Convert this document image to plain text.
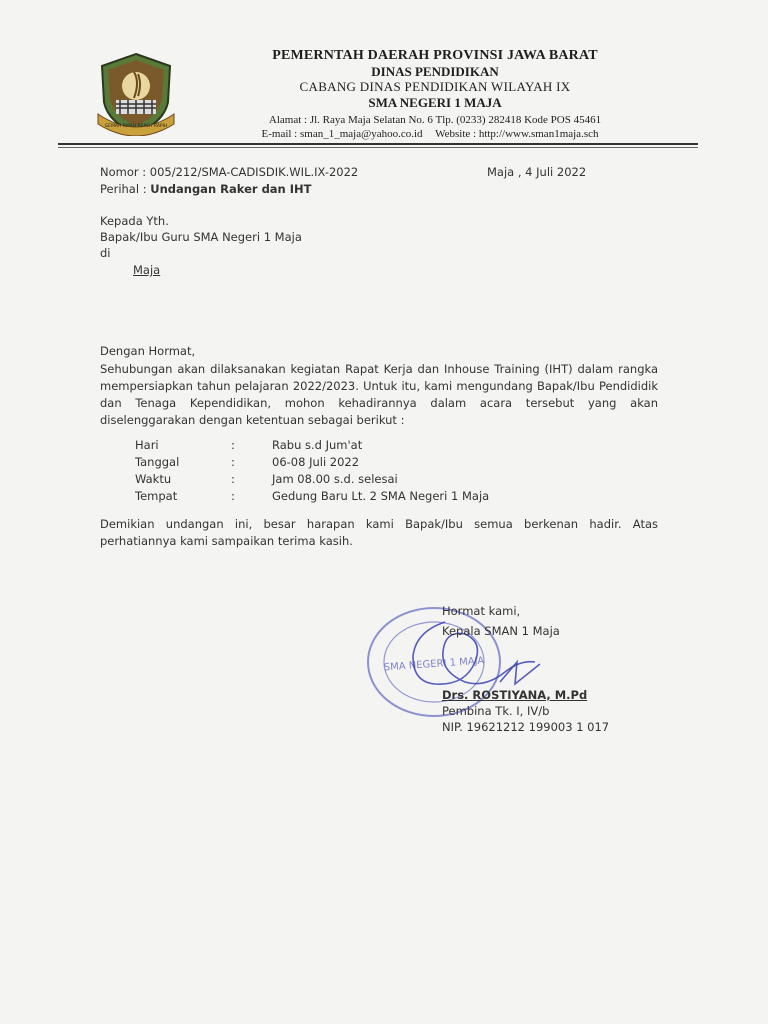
GEMAH RIPAH REPEH RAPIH
PEMERNTAH DAERAH PROVINSI JAWA BARAT
DINAS PENDIDIKAN
CABANG DINAS PENDIDIKAN WILAYAH IX
SMA NEGERI 1 MAJA
Alamat : Jl. Raya Maja Selatan No. 6 Tlp. (0233) 282418 Kode POS 45461
E-mail : sman_1_maja@yahoo.co.id Website : http://www.sman1maja.sch
Nomor : 005/212/SMA-CADISDIK.WIL.IX-2022	Maja , 4 Juli 2022
Perihal : Undangan Raker dan IHT
Kepada Yth.
Bapak/Ibu Guru SMA Negeri 1 Maja
di
Maja
Dengan Hormat,
Sehubungan akan dilaksanakan kegiatan Rapat Kerja dan Inhouse Training (IHT) dalam rangka mempersiapkan tahun pelajaran 2022/2023. Untuk itu, kami mengundang Bapak/Ibu Pendididik dan Tenaga Kependidikan, mohon kehadirannya dalam acara tersebut yang akan diselenggarakan dengan ketentuan sebagai berikut :
Hari	:	Rabu s.d Jum'at
Tanggal	:	06-08 Juli 2022
Waktu	:	Jam 08.00 s.d. selesai
Tempat	:	Gedung Baru Lt. 2 SMA Negeri 1 Maja
Demikian undangan ini, besar harapan kami Bapak/Ibu semua berkenan hadir. Atas perhatiannya kami sampaikan terima kasih.
SMA NEGERI 1 MAJA
Hormat kami,
Kepala SMAN 1 Maja
Drs. ROSTIYANA, M.Pd
Pembina Tk. I, IV/b
NIP. 19621212 199003 1 017
